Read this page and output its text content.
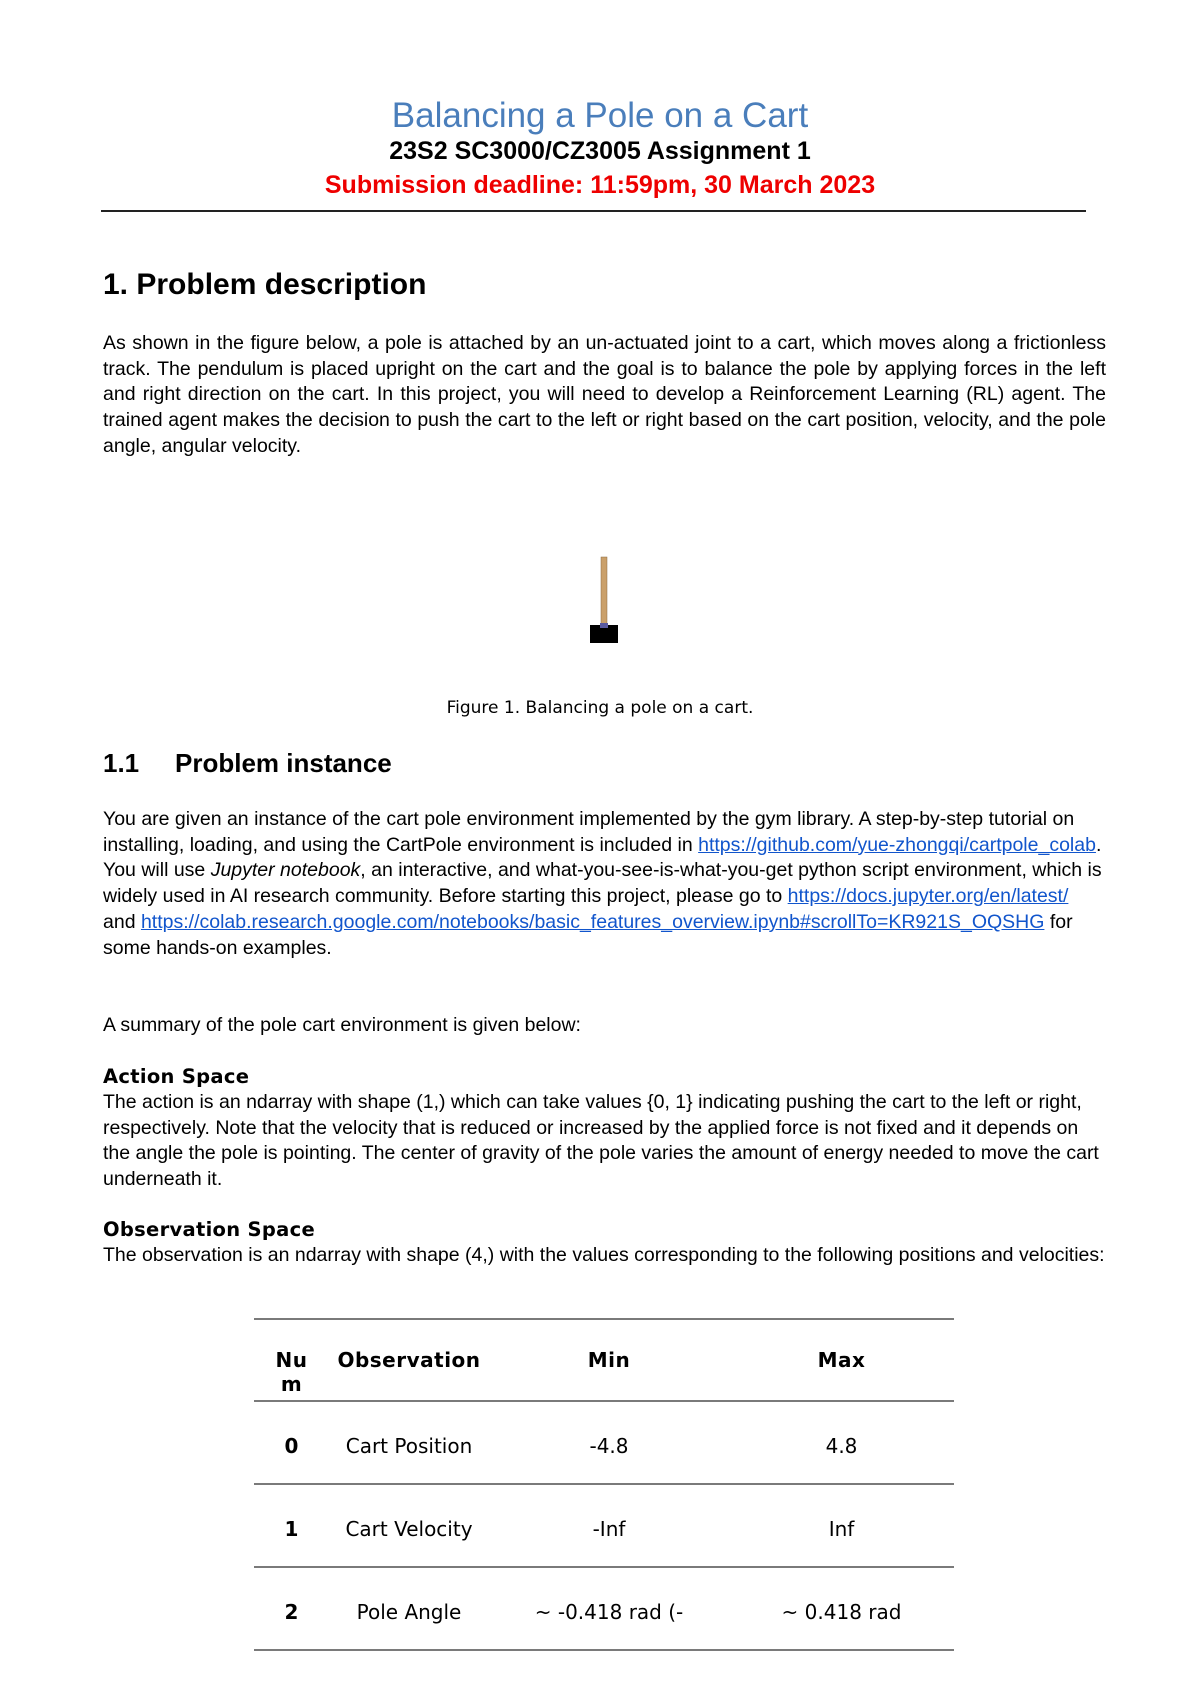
Balancing a Pole on a Cart
23S2 SC3000/CZ3005 Assignment 1
Submission deadline: 11:59pm, 30 March 2023
1. Problem description
As shown in the figure below, a pole is attached by an un-actuated joint to a cart, which moves along a frictionless track. The pendulum is placed upright on the cart and the goal is to balance the pole by applying forces in the left and right direction on the cart. In this project, you will need to develop a Reinforcement Learning (RL) agent. The trained agent makes the decision to push the cart to the left or right based on the cart position, velocity, and the pole angle, angular velocity.
Figure 1. Balancing a pole on a cart.
1.1 Problem instance
You are given an instance of the cart pole environment implemented by the gym library. A step-by-step tutorial on installing, loading, and using the CartPole environment is included in https://github.com/yue-zhongqi/cartpole_colab. You will use Jupyter notebook, an interactive, and what-you-see-is-what-you-get python script environment, which is widely used in AI research community. Before starting this project, please go to https://docs.jupyter.org/en/latest/ and https://colab.research.google.com/notebooks/basic_features_overview.ipynb#scrollTo=KR921S_OQSHG for some hands-on examples.
A summary of the pole cart environment is given below:
Action Space
The action is an ndarray with shape (1,) which can take values {0, 1} indicating pushing the cart to the left or right, respectively. Note that the velocity that is reduced or increased by the applied force is not fixed and it depends on the angle the pole is pointing. The center of gravity of the pole varies the amount of energy needed to move the cart underneath it.
Observation Space
The observation is an ndarray with shape (4,) with the values corresponding to the following positions and velocities:
Nu m	Observation	Min	Max
0	Cart Position	-4.8	4.8
1	Cart Velocity	-Inf	Inf
2	Pole Angle	~ -0.418 rad (-	~ 0.418 rad
